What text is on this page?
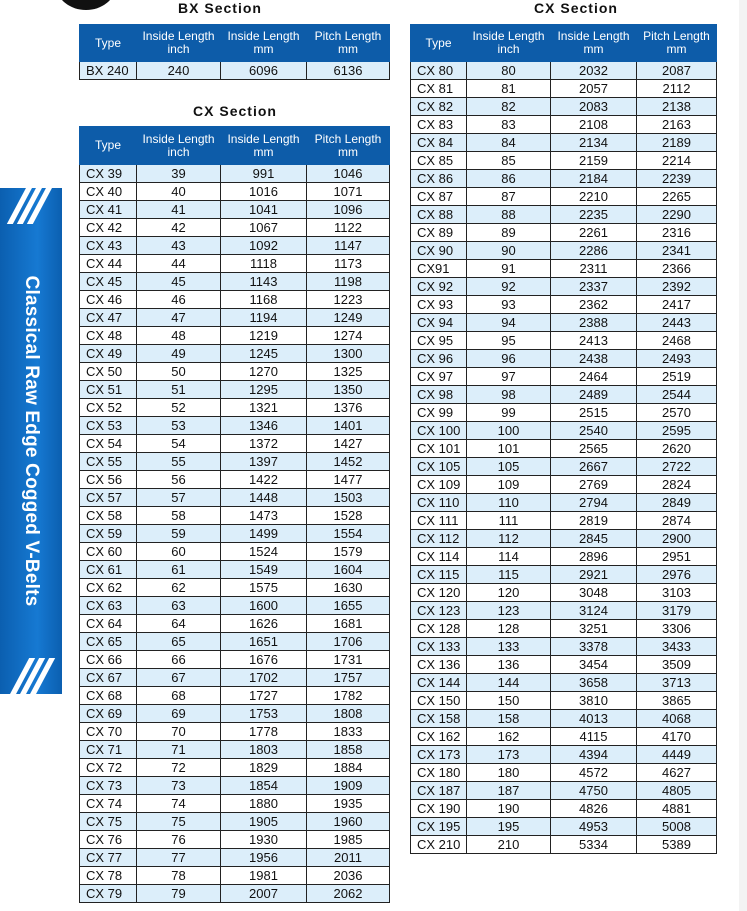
Classical Raw Edge Cogged V-Belts
BX Section
Type	Inside Length inch	Inside Length mm	Pitch Length mm
BX 240	240	6096	6136
CX Section
Type	Inside Length inch	Inside Length mm	Pitch Length mm
CX 39	39	991	1046
CX 40	40	1016	1071
CX 41	41	1041	1096
CX 42	42	1067	1122
CX 43	43	1092	1147
CX 44	44	1118	1173
CX 45	45	1143	1198
CX 46	46	1168	1223
CX 47	47	1194	1249
CX 48	48	1219	1274
CX 49	49	1245	1300
CX 50	50	1270	1325
CX 51	51	1295	1350
CX 52	52	1321	1376
CX 53	53	1346	1401
CX 54	54	1372	1427
CX 55	55	1397	1452
CX 56	56	1422	1477
CX 57	57	1448	1503
CX 58	58	1473	1528
CX 59	59	1499	1554
CX 60	60	1524	1579
CX 61	61	1549	1604
CX 62	62	1575	1630
CX 63	63	1600	1655
CX 64	64	1626	1681
CX 65	65	1651	1706
CX 66	66	1676	1731
CX 67	67	1702	1757
CX 68	68	1727	1782
CX 69	69	1753	1808
CX 70	70	1778	1833
CX 71	71	1803	1858
CX 72	72	1829	1884
CX 73	73	1854	1909
CX 74	74	1880	1935
CX 75	75	1905	1960
CX 76	76	1930	1985
CX 77	77	1956	2011
CX 78	78	1981	2036
CX 79	79	2007	2062
CX Section
Type	Inside Length inch	Inside Length mm	Pitch Length mm
CX 80	80	2032	2087
CX 81	81	2057	2112
CX 82	82	2083	2138
CX 83	83	2108	2163
CX 84	84	2134	2189
CX 85	85	2159	2214
CX 86	86	2184	2239
CX 87	87	2210	2265
CX 88	88	2235	2290
CX 89	89	2261	2316
CX 90	90	2286	2341
CX91	91	2311	2366
CX 92	92	2337	2392
CX 93	93	2362	2417
CX 94	94	2388	2443
CX 95	95	2413	2468
CX 96	96	2438	2493
CX 97	97	2464	2519
CX 98	98	2489	2544
CX 99	99	2515	2570
CX 100	100	2540	2595
CX 101	101	2565	2620
CX 105	105	2667	2722
CX 109	109	2769	2824
CX 110	110	2794	2849
CX 111	111	2819	2874
CX 112	112	2845	2900
CX 114	114	2896	2951
CX 115	115	2921	2976
CX 120	120	3048	3103
CX 123	123	3124	3179
CX 128	128	3251	3306
CX 133	133	3378	3433
CX 136	136	3454	3509
CX 144	144	3658	3713
CX 150	150	3810	3865
CX 158	158	4013	4068
CX 162	162	4115	4170
CX 173	173	4394	4449
CX 180	180	4572	4627
CX 187	187	4750	4805
CX 190	190	4826	4881
CX 195	195	4953	5008
CX 210	210	5334	5389
